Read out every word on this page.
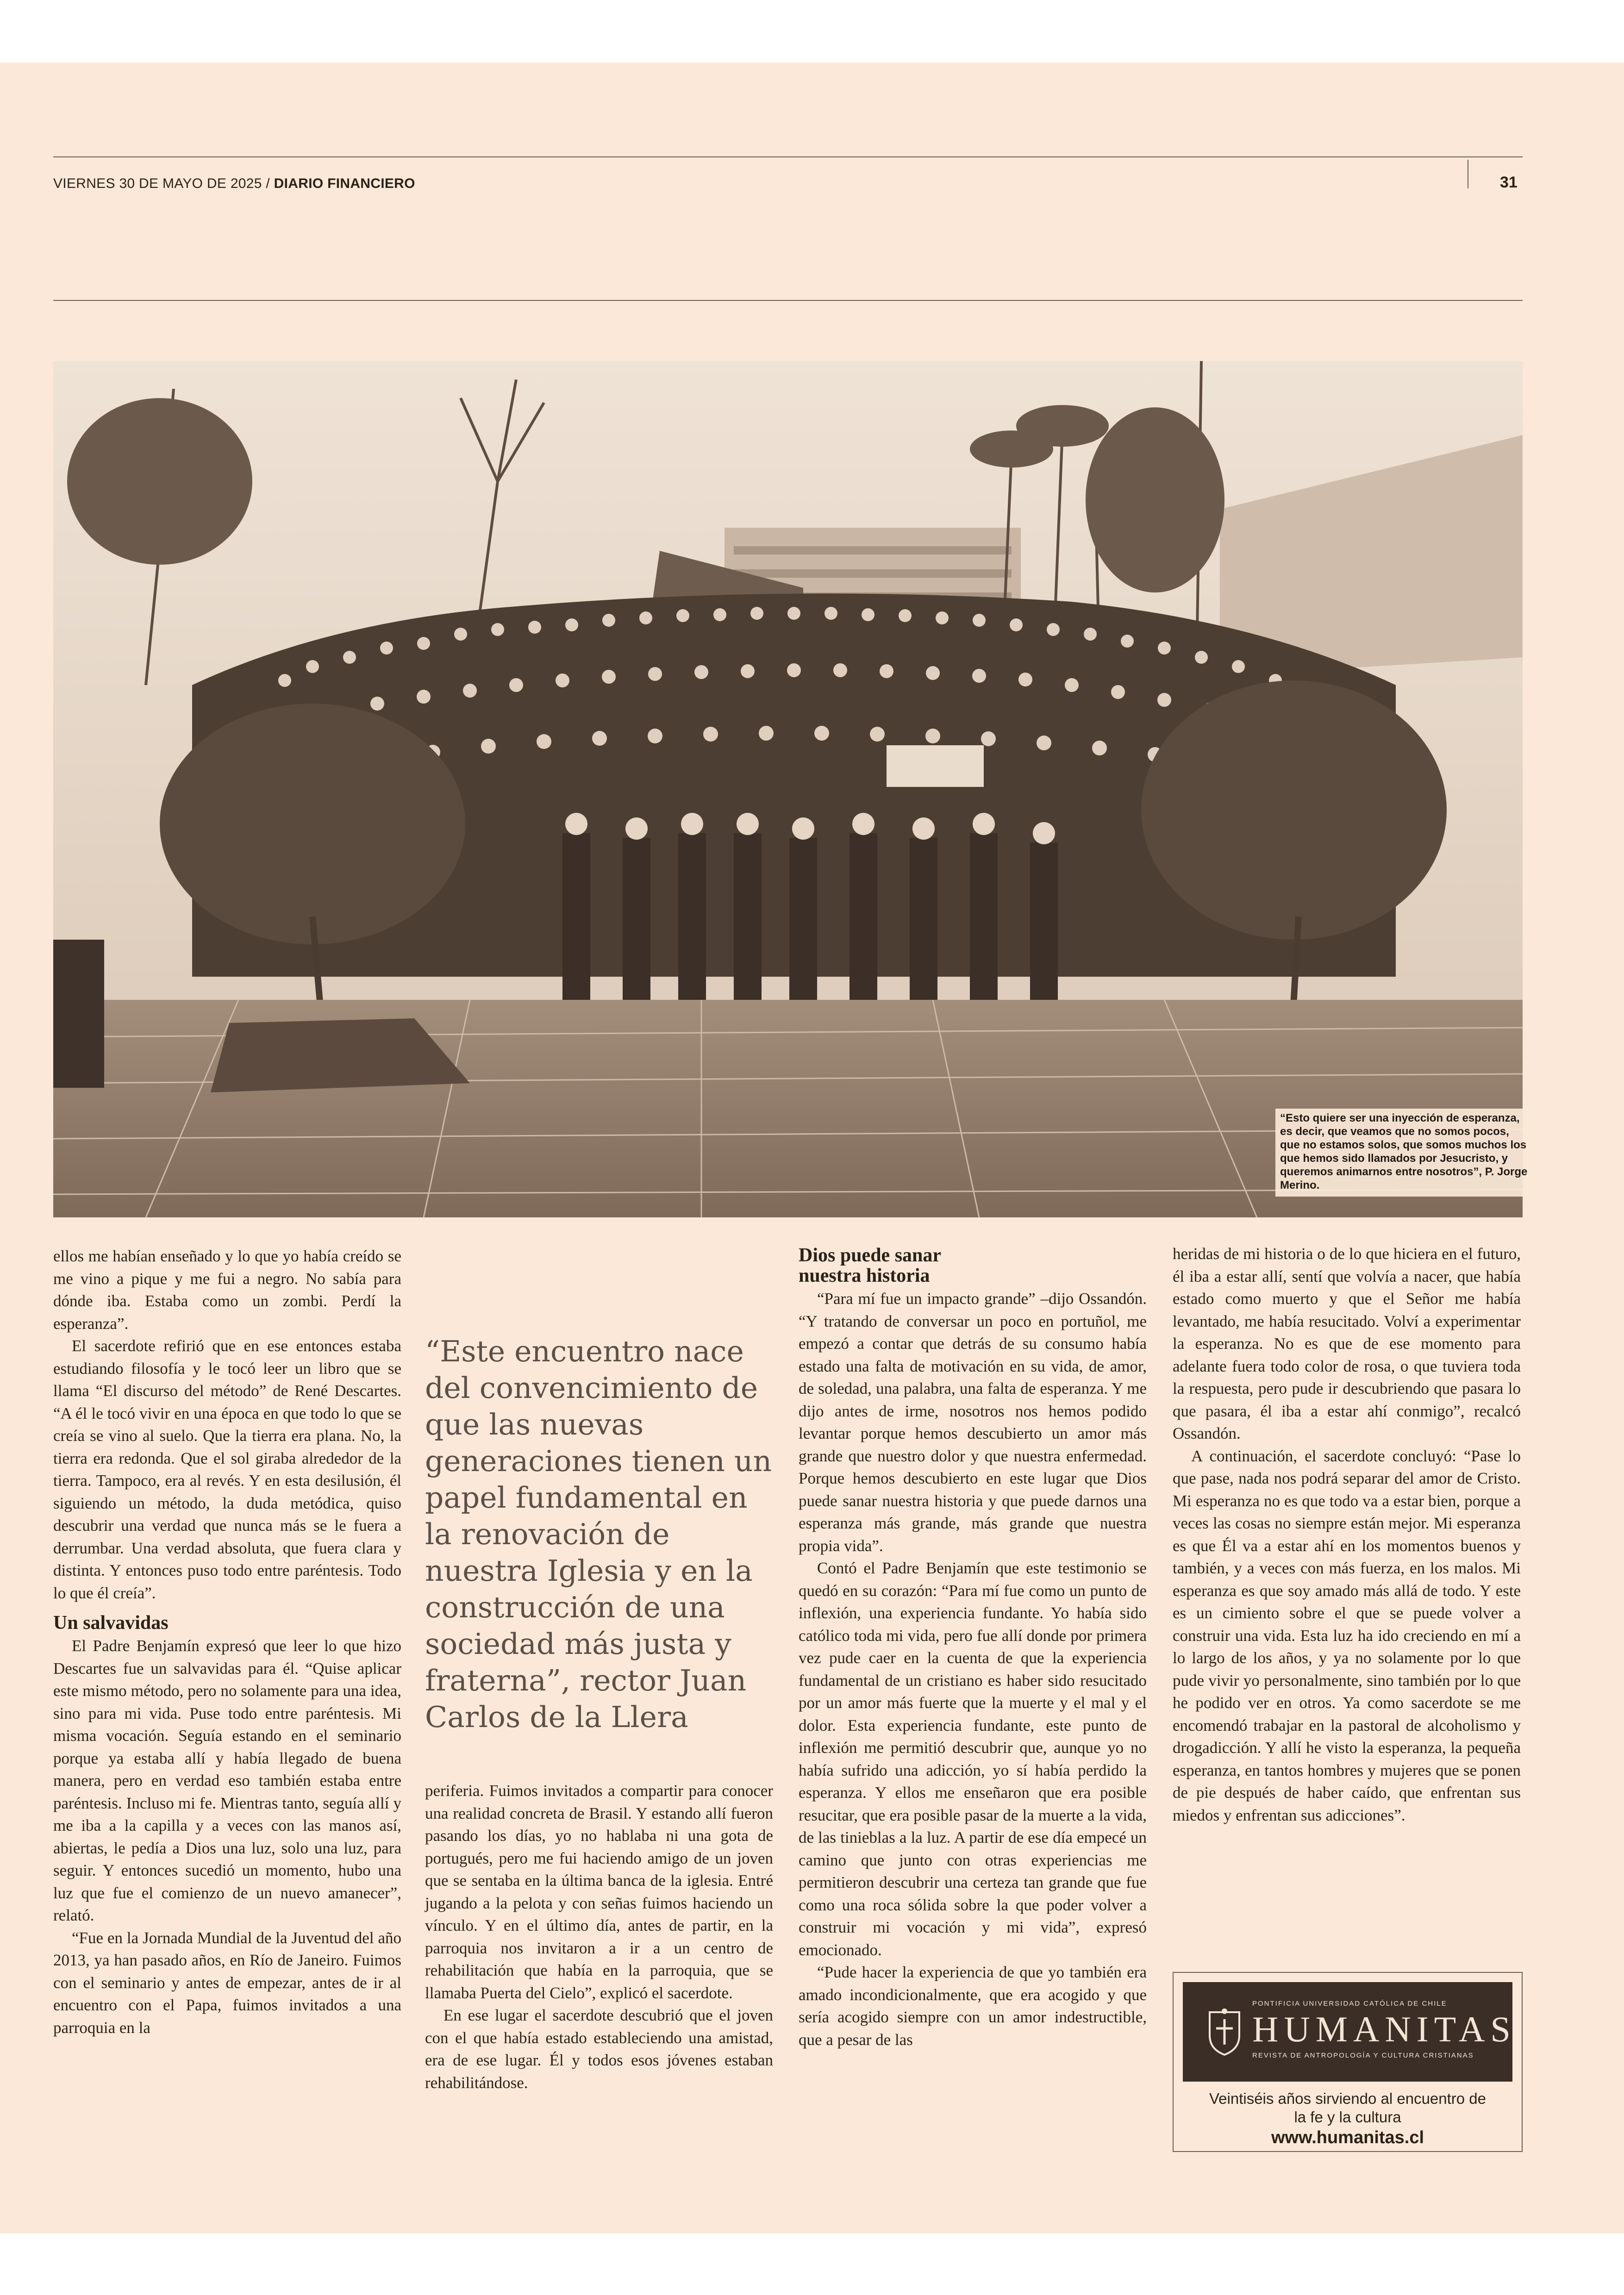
VIERNES 30 DE MAYO DE 2025 / DIARIO FINANCIERO	31
“Esto quiere ser una inyección de esperanza, es decir, que veamos que no somos pocos, que no estamos solos, que somos muchos los que hemos sido llamados por Jesucristo, y queremos animarnos entre nosotros”, P. Jorge Merino.

ellos me habían enseñado y lo que yo había creído se me vino a pique y me fui a negro. No sabía para dónde iba. Estaba como un zombi. Perdí la esperanza”.

El sacerdote refirió que en ese entonces estaba estudiando filosofía y le tocó leer un libro que se llama “El discurso del método” de René Descartes. “A él le tocó vivir en una época en que todo lo que se creía se vino al suelo. Que la tierra era plana. No, la tierra era redonda. Que el sol giraba alrededor de la tierra. Tampoco, era al revés. Y en esta desilusión, él siguiendo un método, la duda metódica, quiso descubrir una verdad que nunca más se le fuera a derrumbar. Una verdad absoluta, que fuera clara y distinta. Y entonces puso todo entre paréntesis. Todo lo que él creía”.

Un salvavidas

El Padre Benjamín expresó que leer lo que hizo Descartes fue un salvavidas para él. “Quise aplicar este mismo método, pero no solamente para una idea, sino para mi vida. Puse todo entre paréntesis. Mi misma vocación. Seguía estando en el seminario porque ya estaba allí y había llegado de buena manera, pero en verdad eso también estaba entre paréntesis. Incluso mi fe. Mientras tanto, seguía allí y me iba a la capilla y a veces con las manos así, abiertas, le pedía a Dios una luz, solo una luz, para seguir. Y entonces sucedió un momento, hubo una luz que fue el comienzo de un nuevo amanecer”, relató.

“Fue en la Jornada Mundial de la Juventud del año 2013, ya han pasado años, en Río de Janeiro. Fuimos con el seminario y antes de empezar, antes de ir al encuentro con el Papa, fuimos invitados a una parroquia en la

“Este encuentro nace del convencimiento de que las nuevas generaciones tienen un papel fundamental en la renovación de nuestra Iglesia y en la construcción de una sociedad más justa y fraterna”, rector Juan Carlos de la Llera

periferia. Fuimos invitados a compartir para conocer una realidad concreta de Brasil. Y estando allí fueron pasando los días, yo no hablaba ni una gota de portugués, pero me fui haciendo amigo de un joven que se sentaba en la última banca de la iglesia. Entré jugando a la pelota y con señas fuimos haciendo un vínculo. Y en el último día, antes de partir, en la parroquia nos invitaron a ir a un centro de rehabilitación que había en la parroquia, que se llamaba Puerta del Cielo”, explicó el sacerdote.

En ese lugar el sacerdote descubrió que el joven con el que había estado estableciendo una amistad, era de ese lugar. Él y todos esos jóvenes estaban rehabilitándose.

Dios puede sanar
nuestra historia

“Para mí fue un impacto grande” –dijo Ossandón. “Y tratando de conversar un poco en portuñol, me empezó a contar que detrás de su consumo había estado una falta de motivación en su vida, de amor, de soledad, una palabra, una falta de esperanza. Y me dijo antes de irme, nosotros nos hemos podido levantar porque hemos descubierto un amor más grande que nuestro dolor y que nuestra enfermedad. Porque hemos descubierto en este lugar que Dios puede sanar nuestra historia y que puede darnos una esperanza más grande, más grande que nuestra propia vida”.

Contó el Padre Benjamín que este testimonio se quedó en su corazón: “Para mí fue como un punto de inflexión, una experiencia fundante. Yo había sido católico toda mi vida, pero fue allí donde por primera vez pude caer en la cuenta de que la experiencia fundamental de un cristiano es haber sido resucitado por un amor más fuerte que la muerte y el mal y el dolor. Esta experiencia fundante, este punto de inflexión me permitió descubrir que, aunque yo no había sufrido una adicción, yo sí había perdido la esperanza. Y ellos me enseñaron que era posible resucitar, que era posible pasar de la muerte a la vida, de las tinieblas a la luz. A partir de ese día empecé un camino que junto con otras experiencias me permitieron descubrir una certeza tan grande que fue como una roca sólida sobre la que poder volver a construir mi vocación y mi vida”, expresó emocionado.

“Pude hacer la experiencia de que yo también era amado incondicionalmente, que era acogido y que sería acogido siempre con un amor indestructible, que a pesar de las

heridas de mi historia o de lo que hiciera en el futuro, él iba a estar allí, sentí que volvía a nacer, que había estado como muerto y que el Señor me había levantado, me había resucitado. Volví a experimentar la esperanza. No es que de ese momento para adelante fuera todo color de rosa, o que tuviera toda la respuesta, pero pude ir descubriendo que pasara lo que pasara, él iba a estar ahí conmigo”, recalcó Ossandón.

A continuación, el sacerdote concluyó: “Pase lo que pase, nada nos podrá separar del amor de Cristo. Mi esperanza no es que todo va a estar bien, porque a veces las cosas no siempre están mejor. Mi esperanza es que Él va a estar ahí en los momentos buenos y también, y a veces con más fuerza, en los malos. Mi esperanza es que soy amado más allá de todo. Y este es un cimiento sobre el que se puede volver a construir una vida. Esta luz ha ido creciendo en mí a lo largo de los años, y ya no solamente por lo que pude vivir yo personalmente, sino también por lo que he podido ver en otros. Ya como sacerdote se me encomendó trabajar en la pastoral de alcoholismo y drogadicción. Y allí he visto la esperanza, la pequeña esperanza, en tantos hombres y mujeres que se ponen de pie después de haber caído, que enfrentan sus miedos y enfrentan sus adicciones”.

PONTIFICIA UNIVERSIDAD CATÓLICA DE CHILE
HUMANITAS
REVISTA DE ANTROPOLOGÍA Y CULTURA CRISTIANAS
Veintiséis años sirviendo al encuentro de
la fe y la cultura
www.humanitas.cl
